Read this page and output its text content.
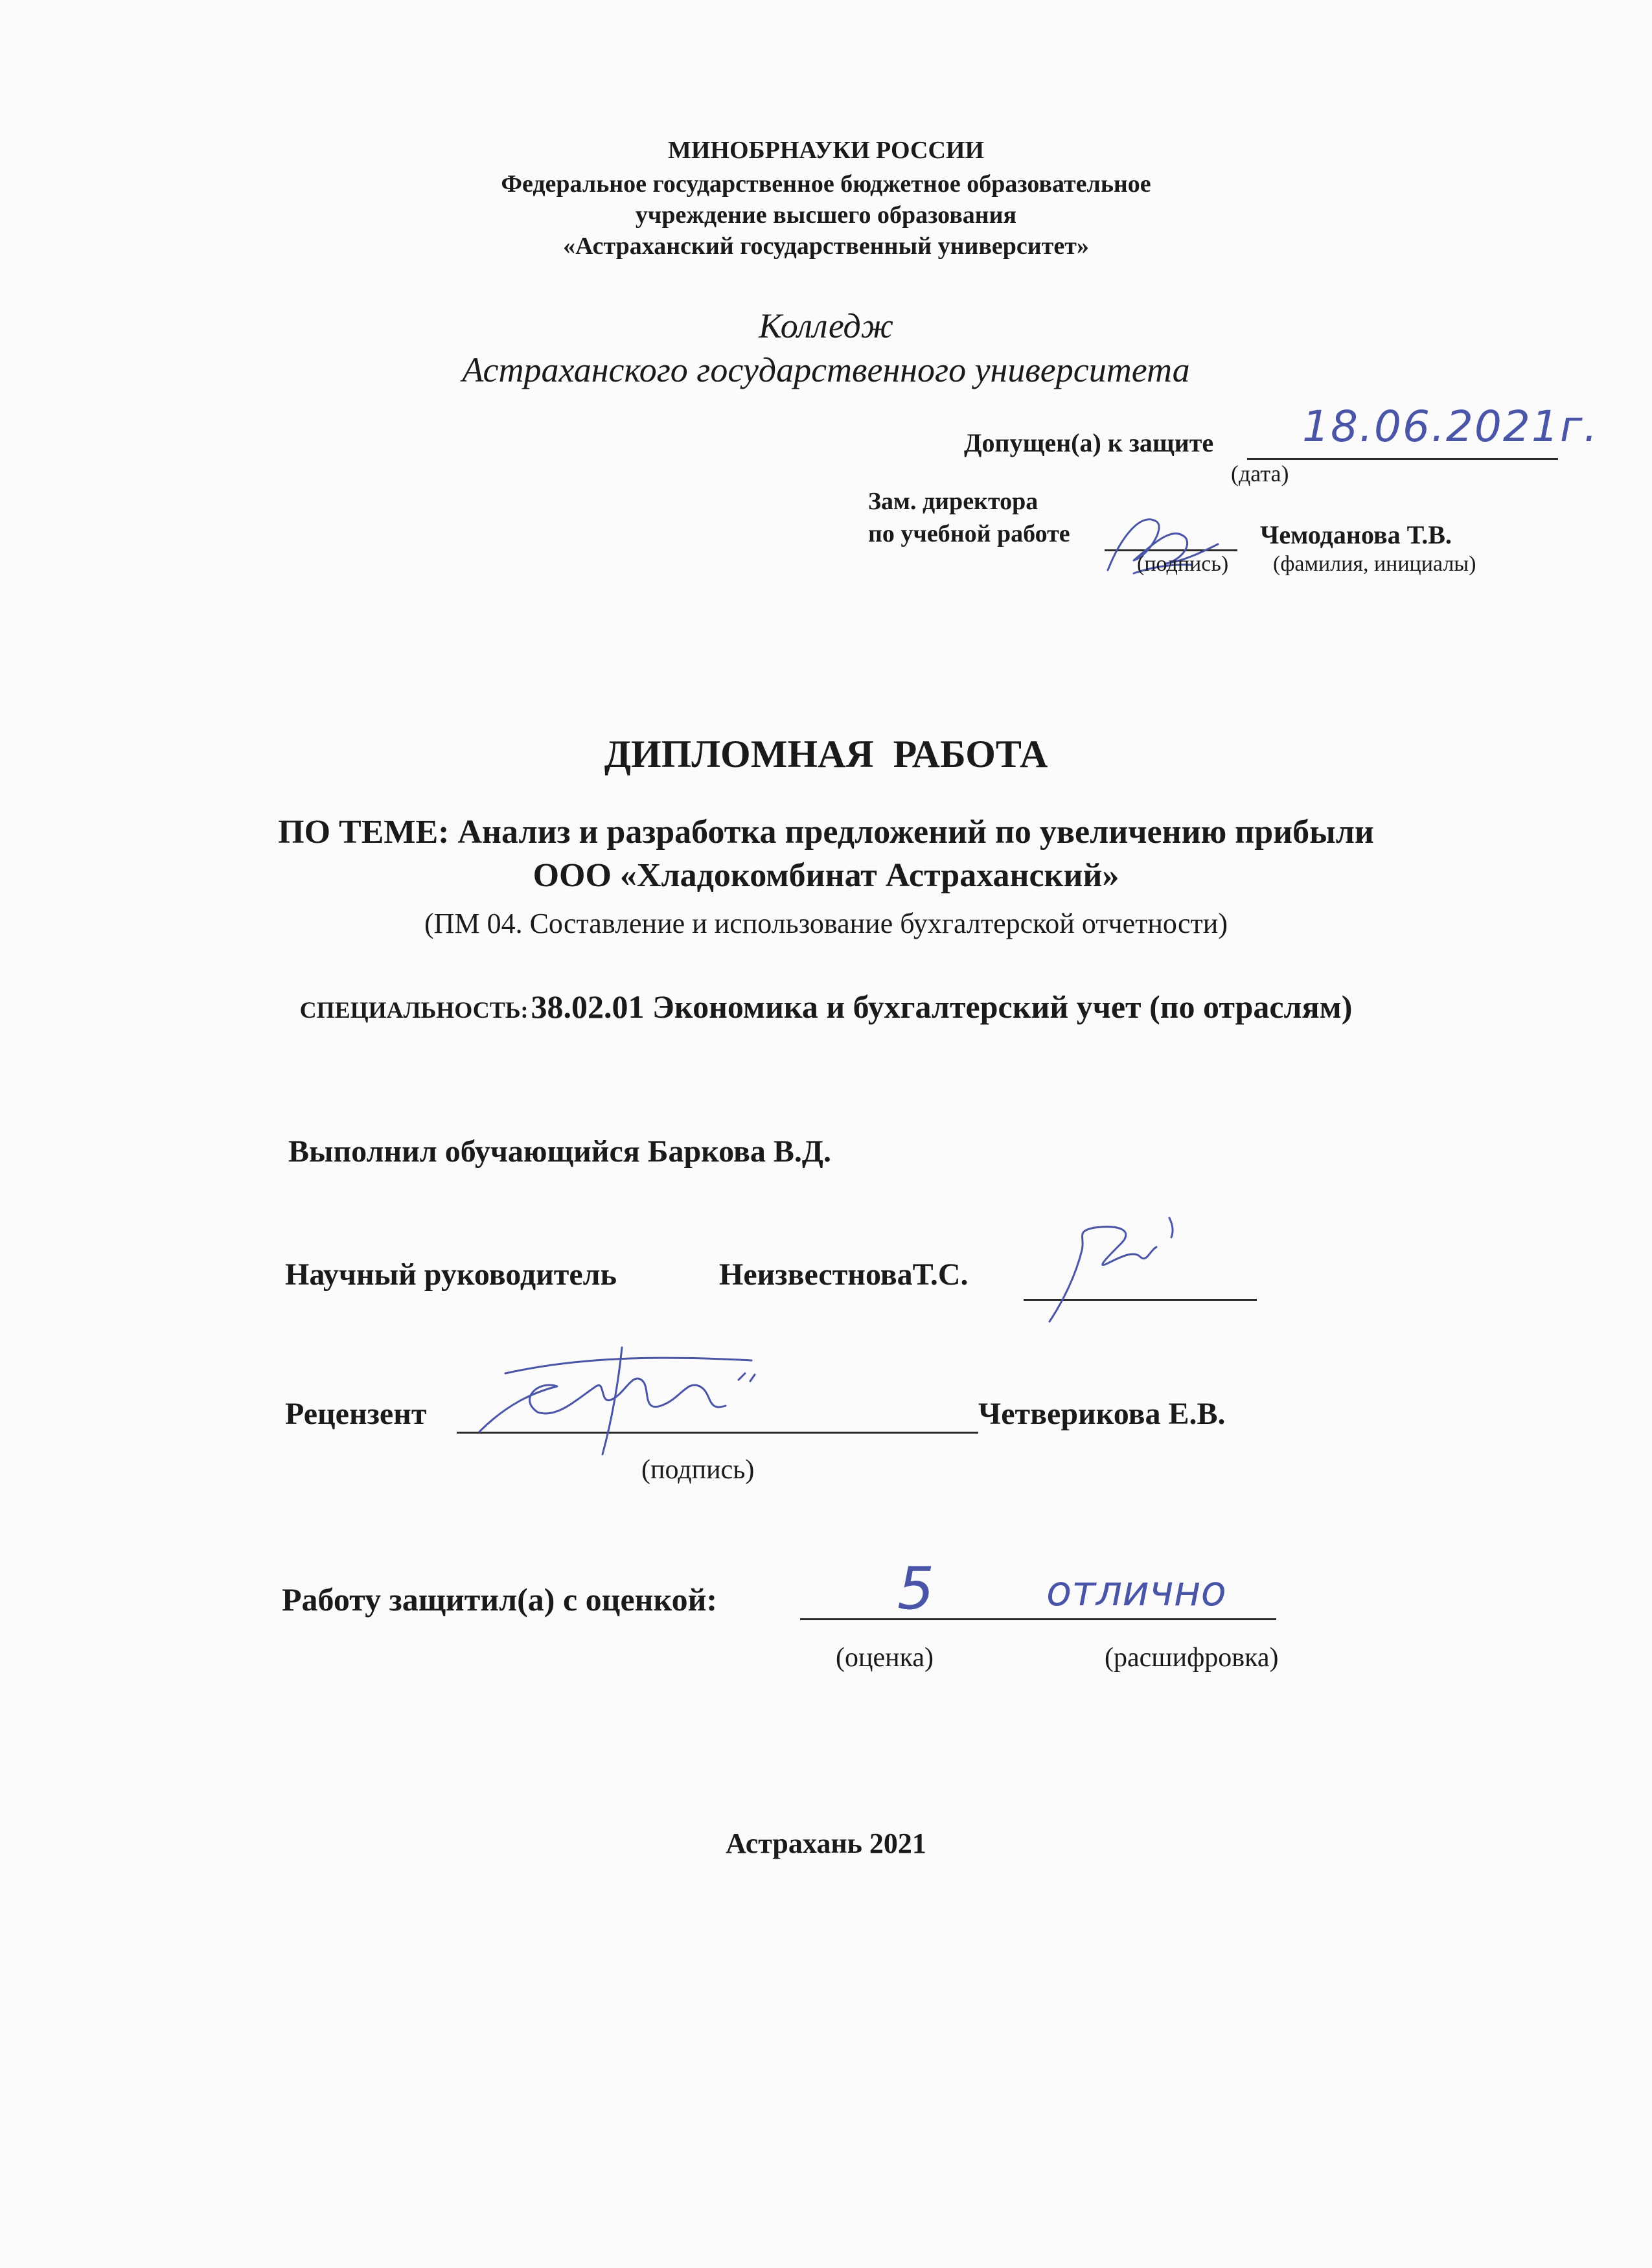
МИНОБРНАУКИ РОССИИ
Федеральное государственное бюджетное образовательное
учреждение высшего образования
«Астраханский государственный университет»
Колледж
Астраханского государственного университета
Допущен(а) к защите 18.06.2021г.
(дата)
Зам. директора
по учебной работе	Чемоданова Т.В.
(подпись) (фамилия, инициалы)
ДИПЛОМНАЯ  РАБОТА
ПО ТЕМЕ: Анализ и разработка предложений по увеличению прибыли
ООО «Хладокомбинат Астраханский»
(ПМ 04. Составление и использование бухгалтерской отчетности)
СПЕЦИАЛЬНОСТЬ: 38.02.01 Экономика и бухгалтерский учет (по отраслям)
Выполнил обучающийся Баркова В.Д.
Научный руководитель	НеизвестноваТ.С.
Рецензент	Четверикова Е.В.
(подпись)
Работу защитил(а) с оценкой:	5	отлично
(оценка)	(расшифровка)
Астрахань 2021
